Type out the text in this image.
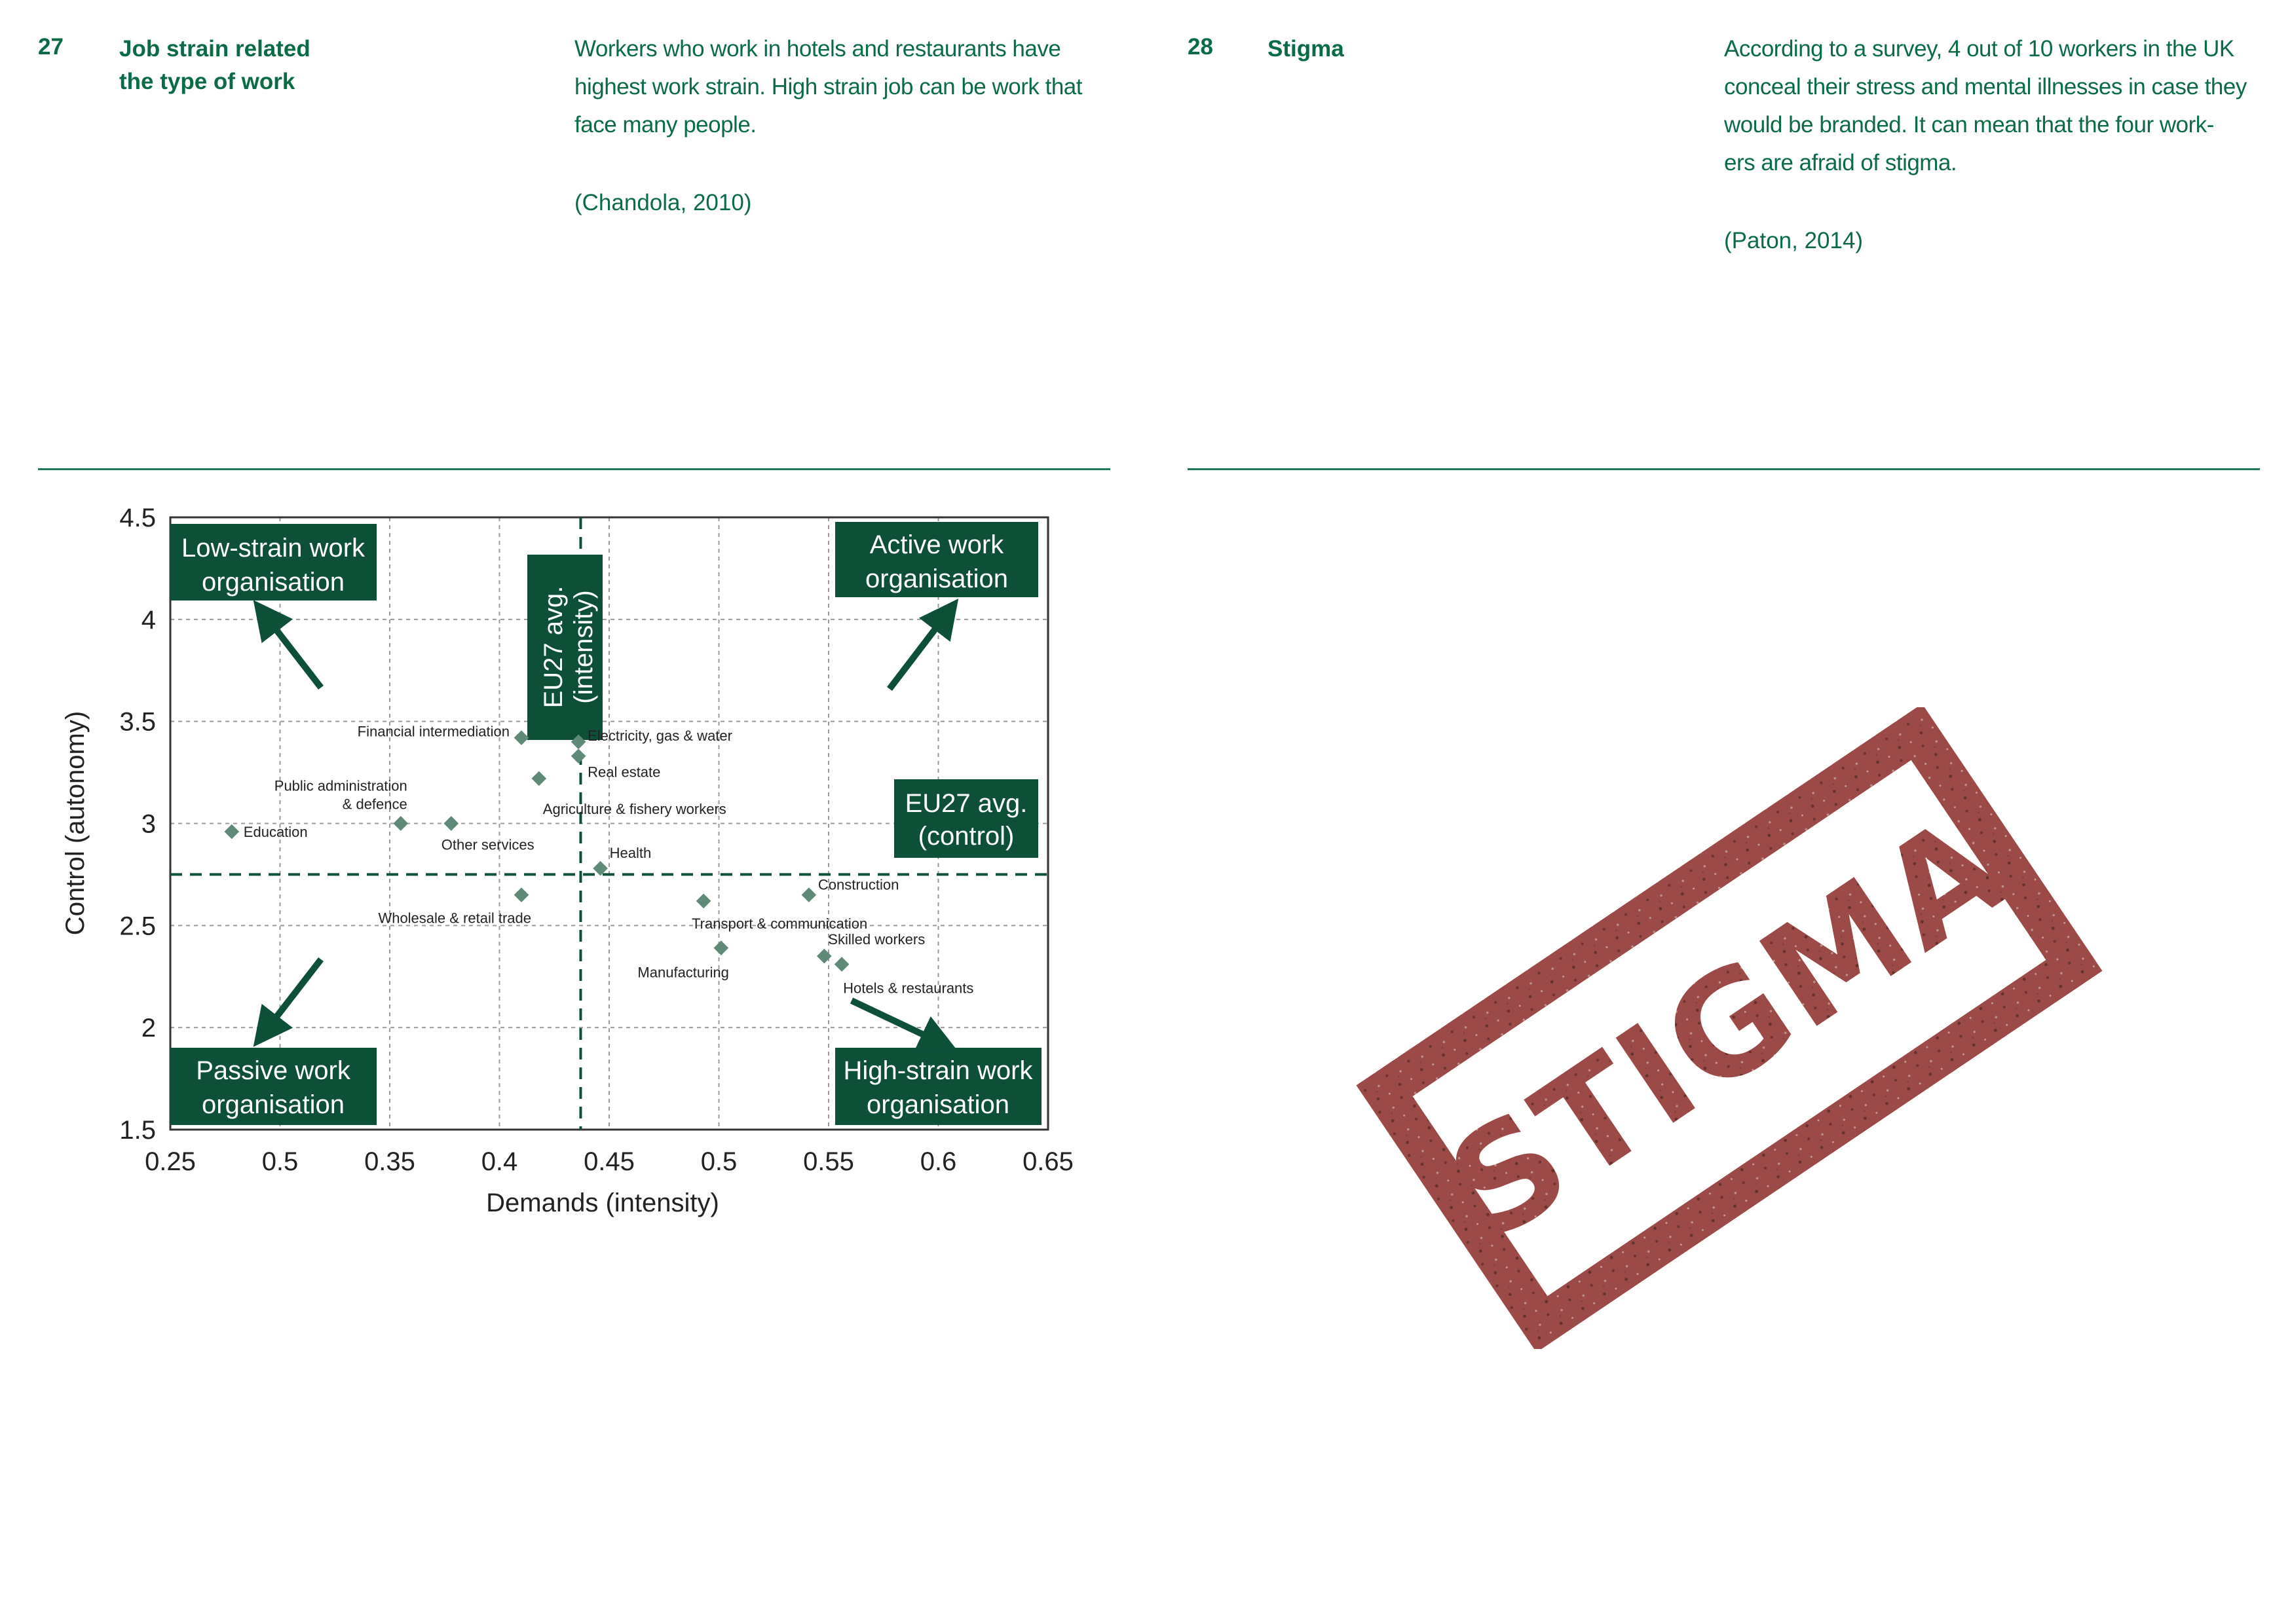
27 Job strain related
the type of work
Workers who work in hotels and restaurants have
highest work strain. High strain job can be work that
face many people.
(Chandola, 2010)
28 Stigma	According to a survey, 4 out of 10 workers in the UK
conceal their stress and mental illnesses in case they
would be branded. It can mean that the four work-
ers are afraid of stigma.
(Paton, 2014)
0.25	0.5	0.35	0.4	0.45	0.5	0.55	0.6	0.65
1.5
2
2.5
3
3.5
4
4.5
Demands (intensity)
Control (autonomy)
Low-strain work
organisation
Active work
organisation
Passive work
organisation
High-strain work
organisation
EU27 avg. (intensity)
EU27 avg.
(control)
Education
Public administration
& defence
Other services
Financial intermediation	Electricity, gas & water
Real estate
Agriculture & fishery workers
Health
Wholesale & retail trade	Transport & communication
Construction
Manufacturing
Skilled workers
Hotels & restaurants	STIGMA
